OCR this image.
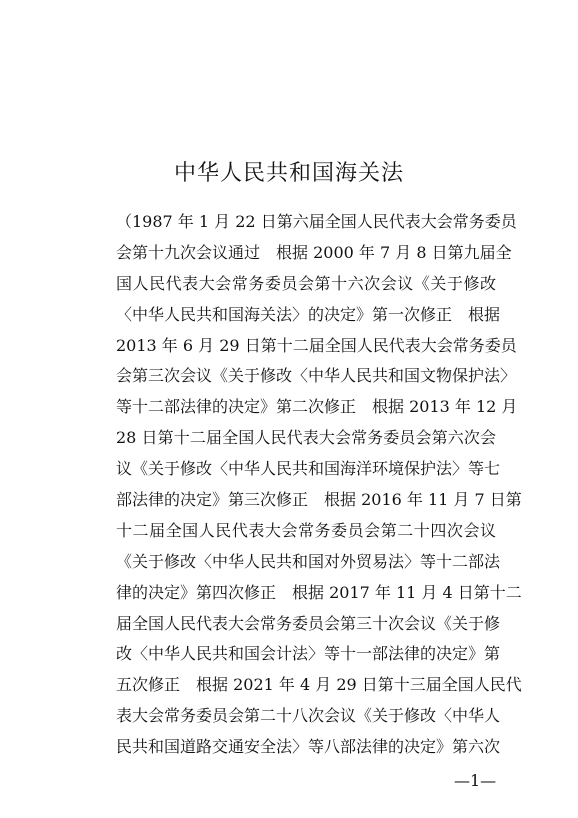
中华人民共和国海关法
（1987 年 1 月 22 日第六届全国人民代表大会常务委员
会第十九次会议通过　根据 2000 年 7 月 8 日第九届全
国人民代表大会常务委员会第十六次会议《关于修改
〈中华人民共和国海关法〉的决定》第一次修正　根据
2013 年 6 月 29 日第十二届全国人民代表大会常务委员
会第三次会议《关于修改〈中华人民共和国文物保护法〉
等十二部法律的决定》第二次修正　根据 2013 年 12 月
28 日第十二届全国人民代表大会常务委员会第六次会
议《关于修改〈中华人民共和国海洋环境保护法〉等七
部法律的决定》第三次修正　根据 2016 年 11 月 7 日第
十二届全国人民代表大会常务委员会第二十四次会议
《关于修改〈中华人民共和国对外贸易法〉等十二部法
律的决定》第四次修正　根据 2017 年 11 月 4 日第十二
届全国人民代表大会常务委员会第三十次会议《关于修
改〈中华人民共和国会计法〉等十一部法律的决定》第
五次修正　根据 2021 年 4 月 29 日第十三届全国人民代
表大会常务委员会第二十八次会议《关于修改〈中华人
民共和国道路交通安全法〉等八部法律的决定》第六次
—1—
